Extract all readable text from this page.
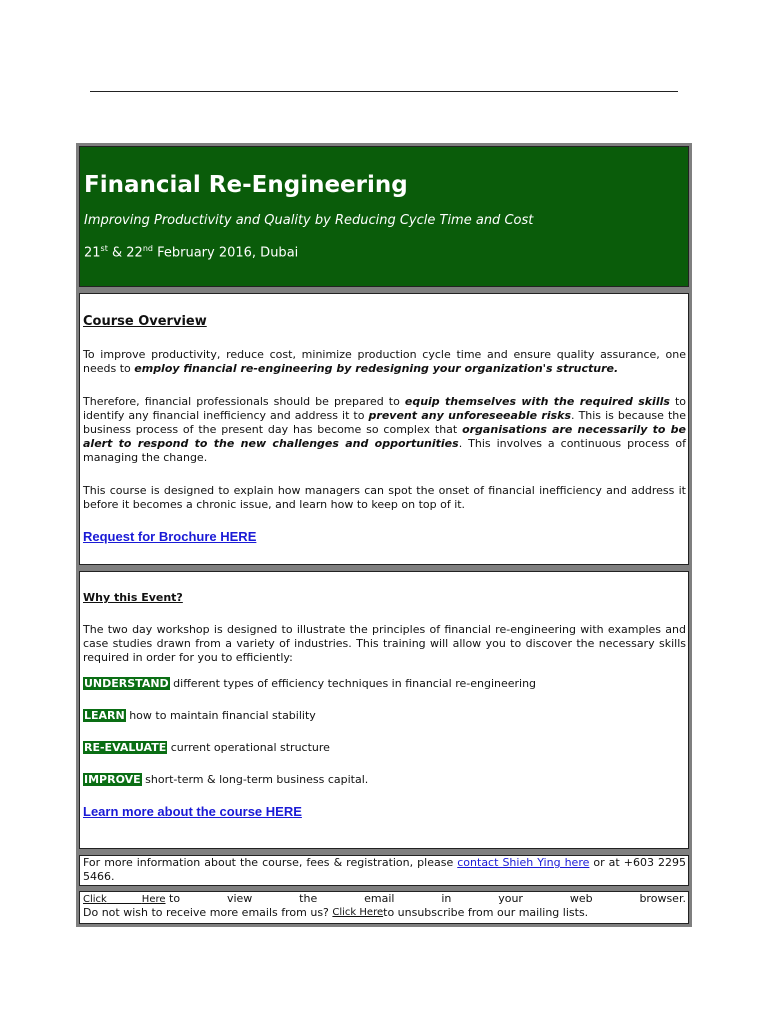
Financial Re-Engineering
Improving Productivity and Quality by Reducing Cycle Time and Cost
21st & 22nd February 2016, Dubai
Course Overview

To improve productivity, reduce cost, minimize production cycle time and ensure quality assurance, one needs to employ financial re-engineering by redesigning your organization's structure.

Therefore, financial professionals should be prepared to equip themselves with the required skills to identify any financial inefficiency and address it to prevent any unforeseeable risks. This is because the business process of the present day has become so complex that organisations are necessarily to be alert to respond to the new challenges and opportunities. This involves a continuous process of managing the change.

This course is designed to explain how managers can spot the onset of financial inefficiency and address it before it becomes a chronic issue, and learn how to keep on top of it.

Request for Brochure HERE
Why this Event?

The two day workshop is designed to illustrate the principles of financial re-engineering with examples and case studies drawn from a variety of industries. This training will allow you to discover the necessary skills required in order for you to efficiently:

UNDERSTAND different types of efficiency techniques in financial re-engineering
LEARN how to maintain financial stability
RE-EVALUATE current operational structure
IMPROVE short-term & long-term business capital.
Learn more about the course HERE

For more information about the course, fees & registration, please contact Shieh Ying here or at +603 2295 5466.

Click	Here to	view	the	email	in	your	web	browser.
Do not wish to receive more emails from us?
Click Here to unsubscribe from our mailing lists.
